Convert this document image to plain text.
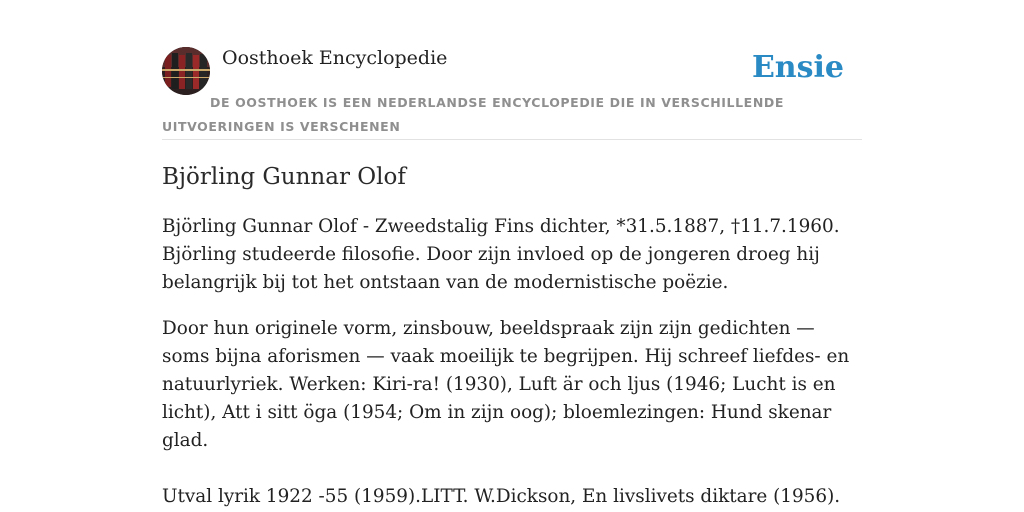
Oosthoek Encyclopedie	Ensie
DE OOSTHOEK IS EEN NEDERLANDSE ENCYCLOPEDIE DIE IN VERSCHILLENDE UITVOERINGEN IS VERSCHENEN
Björling Gunnar Olof
Björling Gunnar Olof - Zweedstalig Fins dichter, *31.5.1887, †11.7.1960. Björling studeerde filosofie. Door zijn invloed op de jongeren droeg hij belangrijk bij tot het ontstaan van de modernistische poëzie.
Door hun originele vorm, zinsbouw, beeldspraak zijn zijn gedichten — soms bijna aforismen — vaak moeilijk te begrijpen. Hij schreef liefdes- en natuurlyriek. Werken: Kiri-ra! (1930), Luft är och ljus (1946; Lucht is en licht), Att i sitt öga (1954; Om in zijn oog); bloemlezingen: Hund skenar glad.
Utval lyrik 1922 -55 (1959).LITT. W.Dickson, En livslivets diktare (1956).
